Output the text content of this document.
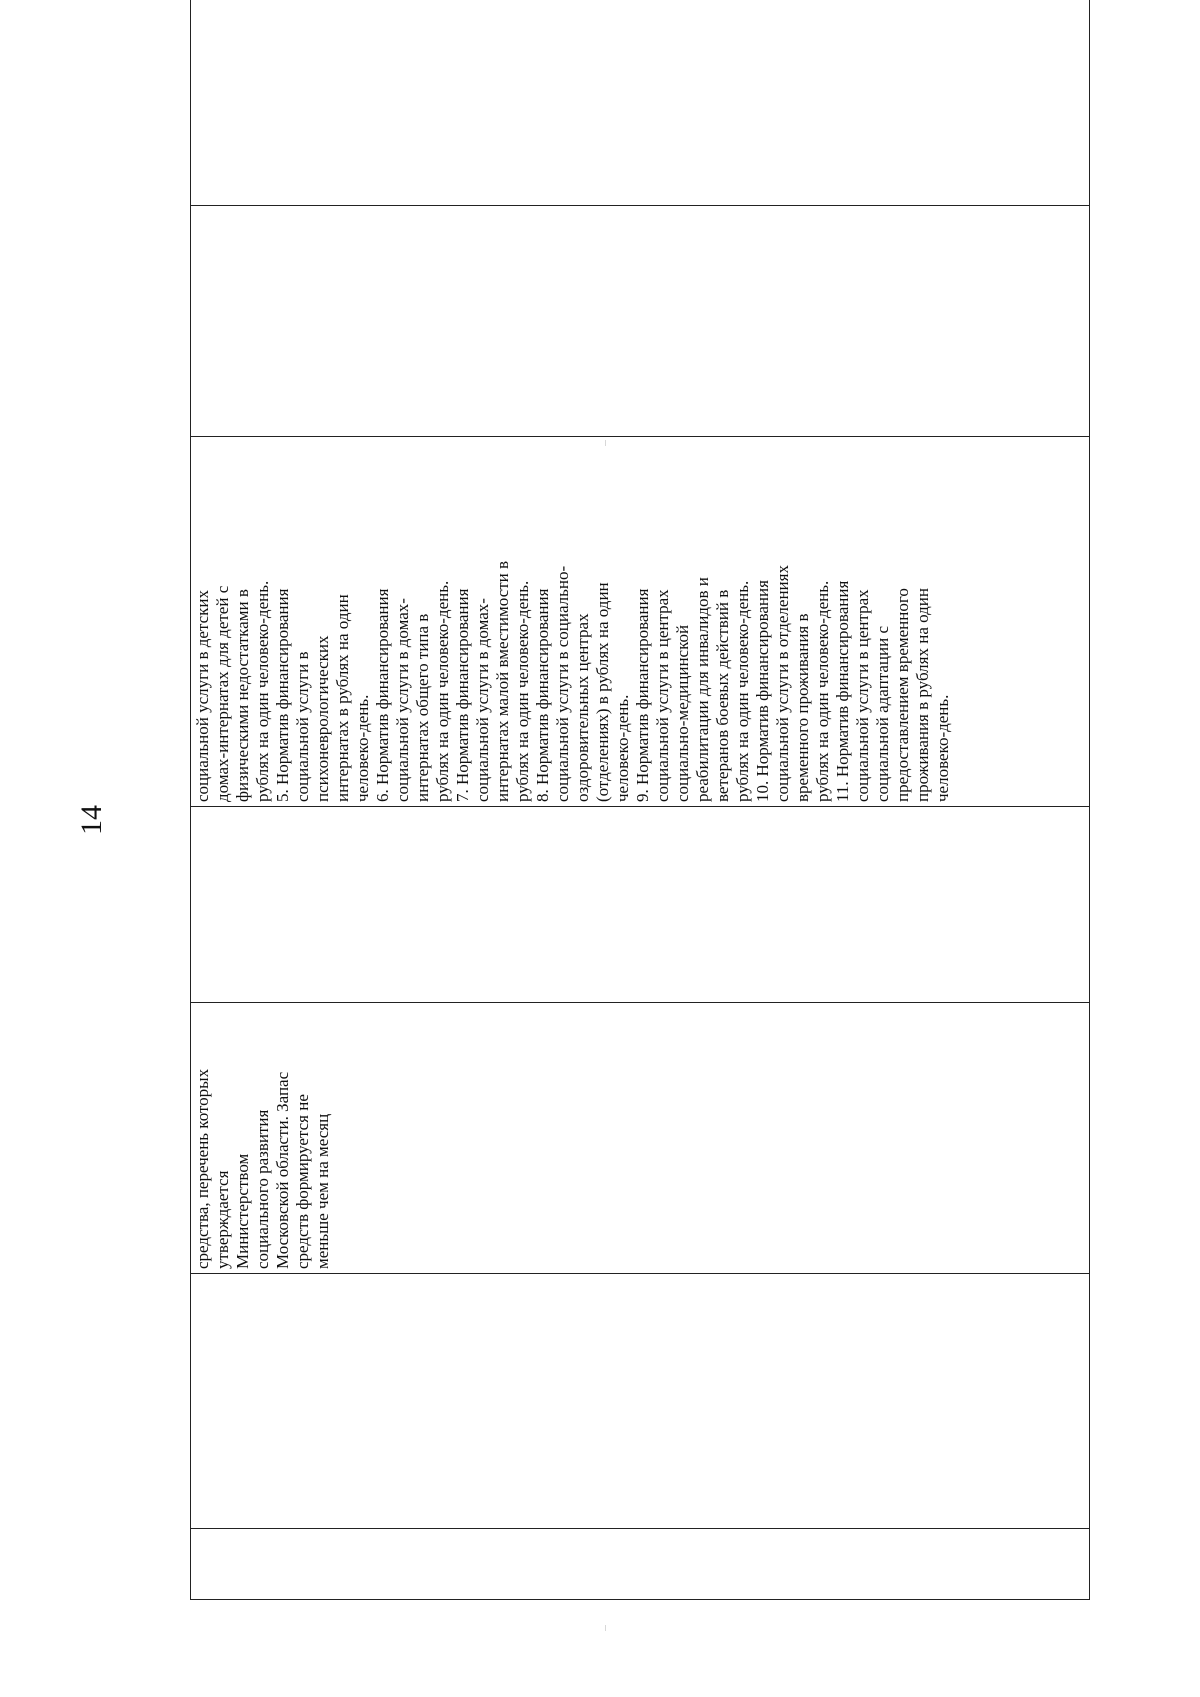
14

средства, перечень которых
утверждается
Министерством
социального развития
Московской области. Запас
средств формируется не
меньше чем на месяц

социальной услуги в детских
домах-интернатах для детей с
физическими недостатками в
рублях на один человеко-день.
5. Норматив финансирования
социальной услуги в
психоневрологических
интернатах в рублях на один
человеко-день.
6. Норматив финансирования
социальной услуги в домах-
интернатах общего типа в
рублях на один человеко-день.
7. Норматив финансирования
социальной услуги в домах-
интернатах малой вместимости в
рублях на один человеко-день.
8. Норматив финансирования
социальной услуги в социально-
оздоровительных центрах
(отделениях) в рублях на один
человеко-день.
9. Норматив финансирования
социальной услуги в центрах
социально-медицинской
реабилитации для инвалидов и
ветеранов боевых действий в
рублях на один человеко-день.
10. Норматив финансирования
социальной услуги в отделениях
временного проживания в
рублях на один человеко-день.
11. Норматив финансирования
социальной услуги в центрах
социальной адаптации с
предоставлением временного
проживания в рублях на один
человеко-день.
